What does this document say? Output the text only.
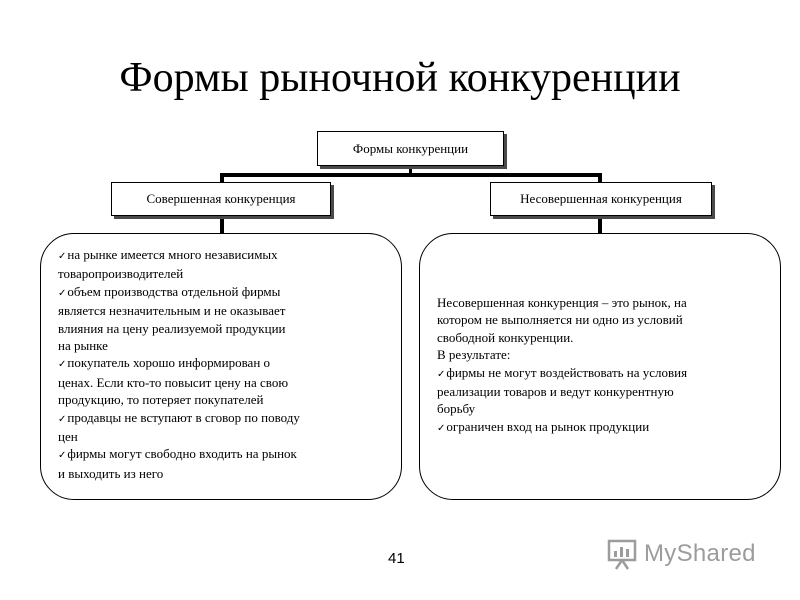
Формы рыночной конкуренции
Формы конкуренции
Совершенная конкуренция	Несовершенная конкуренция
✓на рынке имеется много независимых
товаропроизводителей
✓объем производства отдельной фирмы
является незначительным и не оказывает
влияния на цену реализуемой продукции
на рынке
✓покупатель хорошо информирован о
ценах. Если кто-то повысит цену на свою
продукцию, то потеряет покупателей
✓продавцы не вступают в сговор по поводу
цен
✓фирмы могут свободно входить на рынок
и выходить из него
Несовершенная конкуренция – это рынок, на
котором не выполняется ни одно из условий
свободной конкуренции.
В результате:
✓фирмы не могут воздействовать на условия
реализации товаров и ведут конкурентную
борьбу
✓ограничен вход на рынок продукции
41	MyShared
